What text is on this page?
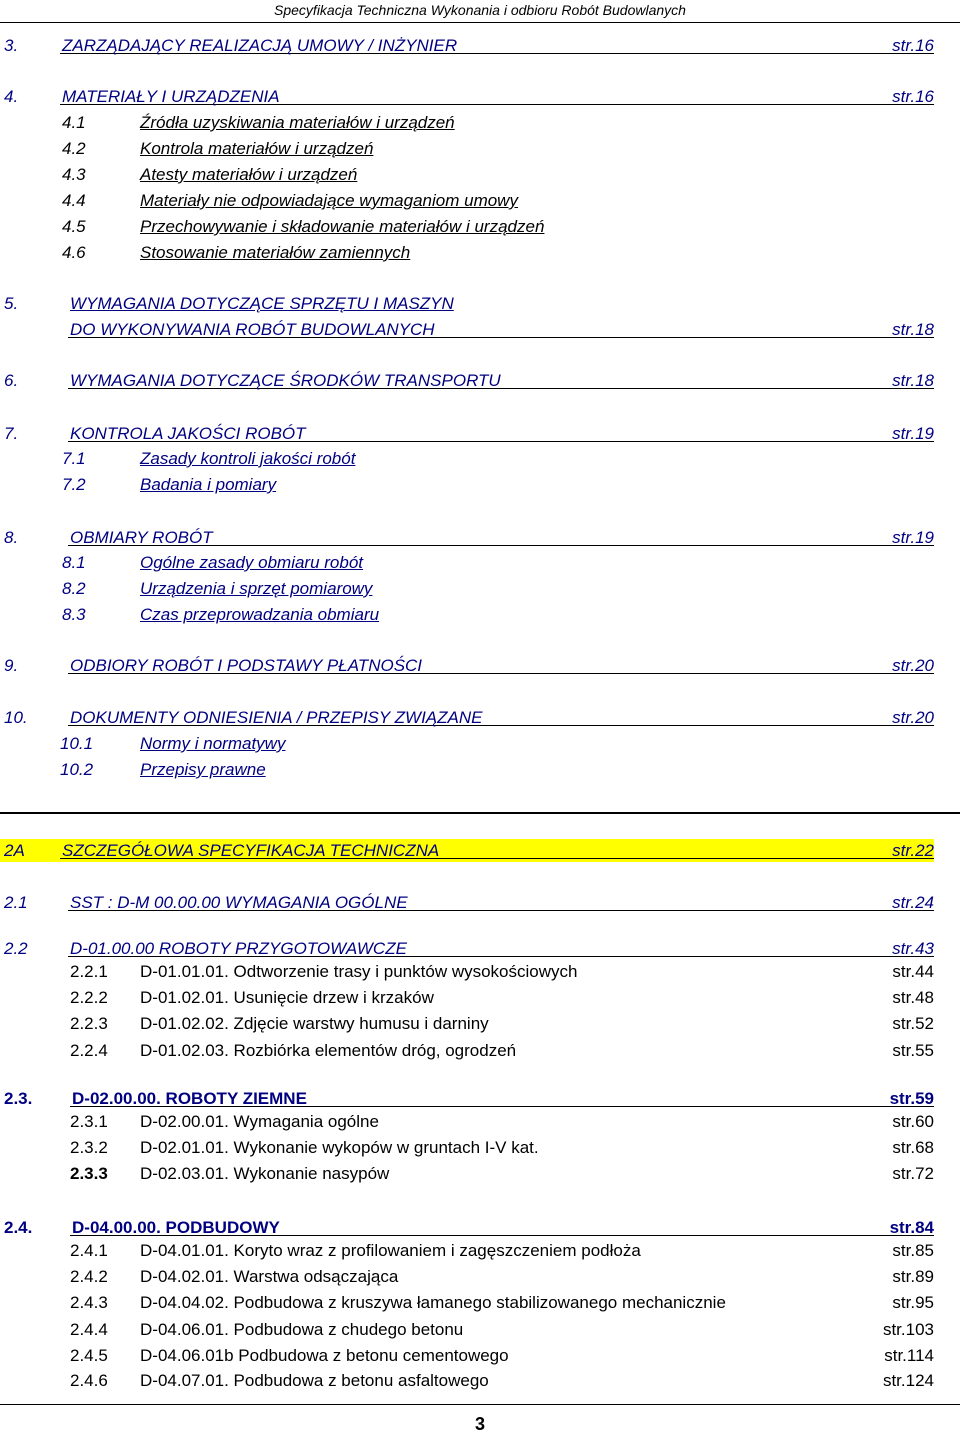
Specyfikacja Techniczna Wykonania i odbioru Robót Budowlanych
3.	ZARZĄDAJĄCY REALIZACJĄ UMOWY / INŻYNIER	str.16
4.	MATERIAŁY I URZĄDZENIA	str.16
4.1	Źródła uzyskiwania materiałów i urządzeń
4.2	Kontrola materiałów i urządzeń
4.3	Atesty materiałów i urządzeń
4.4	Materiały nie odpowiadające wymaganiom umowy
4.5	Przechowywanie i składowanie materiałów i urządzeń
4.6	Stosowanie materiałów zamiennych
5.	WYMAGANIA DOTYCZĄCE SPRZĘTU I MASZYN
DO WYKONYWANIA ROBÓT BUDOWLANYCH	str.18
6.	WYMAGANIA DOTYCZĄCE ŚRODKÓW TRANSPORTU	str.18
7.	KONTROLA JAKOŚCI ROBÓT	str.19
7.1	Zasady kontroli jakości robót
7.2	Badania i pomiary
8.	OBMIARY ROBÓT	str.19
8.1	Ogólne zasady obmiaru robót
8.2	Urządzenia i sprzęt pomiarowy
8.3	Czas przeprowadzania obmiaru
9.	ODBIORY ROBÓT I PODSTAWY PŁATNOŚCI	str.20
10. DOKUMENTY ODNIESIENIA / PRZEPISY ZWIĄZANE	str.20
10.1	Normy i normatywy
10.2	Przepisy prawne
2A SZCZEGÓŁOWA SPECYFIKACJA TECHNICZNA	str.22
2.1 SST : D-M 00.00.00 WYMAGANIA OGÓLNE	str.24
2.2 D-01.00.00 ROBOTY PRZYGOTOWAWCZE	str.43
2.2.1 D-01.01.01. Odtworzenie trasy i punktów wysokościowych	str.44
2.2.2 D-01.02.01. Usunięcie drzew i krzaków	str.48
2.2.3 D-01.02.02. Zdjęcie warstwy humusu i darniny	str.52
2.2.4 D-01.02.03. Rozbiórka elementów dróg, ogrodzeń	str.55
2.3. D-02.00.00. ROBOTY ZIEMNE	str.59
2.3.1 D-02.00.01. Wymagania ogólne	str.60
2.3.2 D-02.01.01. Wykonanie wykopów w gruntach I-V kat.	str.68
2.3.3 D-02.03.01. Wykonanie nasypów	str.72
2.4. D-04.00.00. PODBUDOWY	str.84
2.4.1 D-04.01.01. Koryto wraz z profilowaniem i zagęszczeniem podłoża	str.85
2.4.2 D-04.02.01. Warstwa odsączająca	str.89
2.4.3 D-04.04.02. Podbudowa z kruszywa łamanego stabilizowanego mechanicznie	str.95
2.4.4 D-04.06.01. Podbudowa z chudego betonu	str.103
2.4.5 D-04.06.01b Podbudowa z betonu cementowego	str.114
2.4.6 D-04.07.01. Podbudowa z betonu asfaltowego	str.124
3
